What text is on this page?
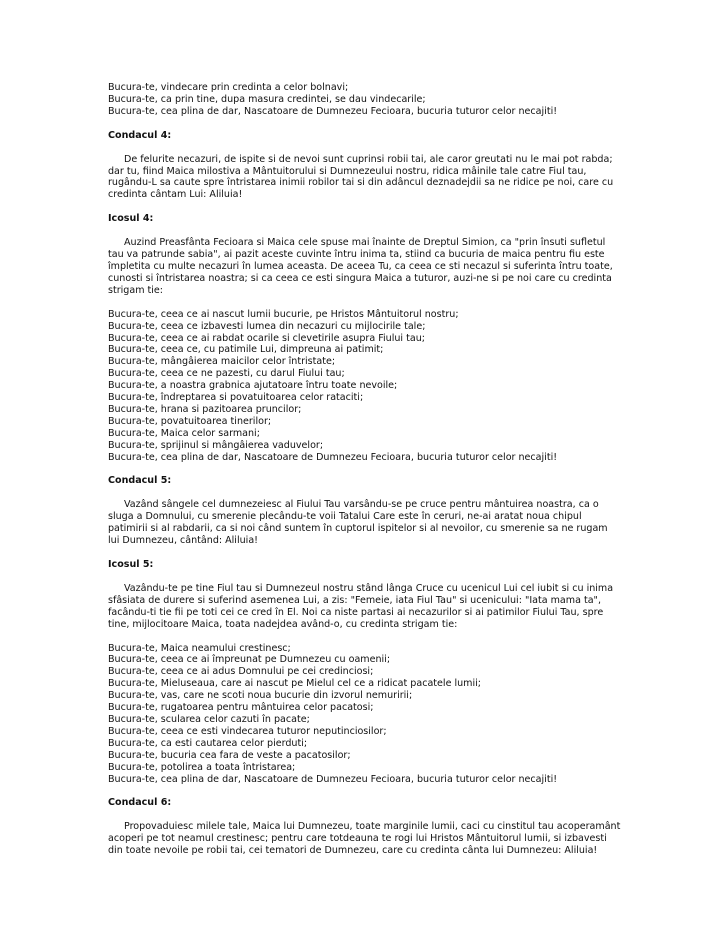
Bucura-te, vindecare prin credinta a celor bolnavi;
Bucura-te, ca prin tine, dupa masura credintei, se dau vindecarile;
Bucura-te, cea plina de dar, Nascatoare de Dumnezeu Fecioara, bucuria tuturor celor necajiti!
Condacul 4:
De felurite necazuri, de ispite si de nevoi sunt cuprinsi robii tai, ale caror greutati nu le mai pot rabda;
dar tu, fiind Maica milostiva a Mântuitorului si Dumnezeului nostru, ridica mâinile tale catre Fiul tau,
rugându-L sa caute spre întristarea inimii robilor tai si din adâncul deznadejdii sa ne ridice pe noi, care cu
credinta cântam Lui: Aliluia!
Icosul 4:
Auzind Preasfânta Fecioara si Maica cele spuse mai înainte de Dreptul Simion, ca "prin însuti sufletul
tau va patrunde sabia", ai pazit aceste cuvinte întru inima ta, stiind ca bucuria de maica pentru fiu este
împletita cu multe necazuri în lumea aceasta. De aceea Tu, ca ceea ce sti necazul si suferinta întru toate,
cunosti si întristarea noastra; si ca ceea ce esti singura Maica a tuturor, auzi-ne si pe noi care cu credinta
strigam tie:
Bucura-te, ceea ce ai nascut lumii bucurie, pe Hristos Mântuitorul nostru;
Bucura-te, ceea ce izbavesti lumea din necazuri cu mijlocirile tale;
Bucura-te, ceea ce ai rabdat ocarile si clevetirile asupra Fiului tau;
Bucura-te, ceea ce, cu patimile Lui, dimpreuna ai patimit;
Bucura-te, mângâierea maicilor celor întristate;
Bucura-te, ceea ce ne pazesti, cu darul Fiului tau;
Bucura-te, a noastra grabnica ajutatoare întru toate nevoile;
Bucura-te, îndreptarea si povatuitoarea celor rataciti;
Bucura-te, hrana si pazitoarea pruncilor;
Bucura-te, povatuitoarea tinerilor;
Bucura-te, Maica celor sarmani;
Bucura-te, sprijinul si mângâierea vaduvelor;
Bucura-te, cea plina de dar, Nascatoare de Dumnezeu Fecioara, bucuria tuturor celor necajiti!
Condacul 5:
Vazând sângele cel dumnezeiesc al Fiului Tau varsându-se pe cruce pentru mântuirea noastra, ca o
sluga a Domnului, cu smerenie plecându-te voii Tatalui Care este în ceruri, ne-ai aratat noua chipul
patimirii si al rabdarii, ca si noi când suntem în cuptorul ispitelor si al nevoilor, cu smerenie sa ne rugam
lui Dumnezeu, cântând: Aliluia!
Icosul 5:
Vazându-te pe tine Fiul tau si Dumnezeul nostru stând lânga Cruce cu ucenicul Lui cel iubit si cu inima
sfâsiata de durere si suferind asemenea Lui, a zis: "Femeie, iata Fiul Tau" si ucenicului: "Iata mama ta",
facându-ti tie fii pe toti cei ce cred în El. Noi ca niste partasi ai necazurilor si ai patimilor Fiului Tau, spre
tine, mijlocitoare Maica, toata nadejdea având-o, cu credinta strigam tie:
Bucura-te, Maica neamului crestinesc;
Bucura-te, ceea ce ai împreunat pe Dumnezeu cu oamenii;
Bucura-te, ceea ce ai adus Domnului pe cei credinciosi;
Bucura-te, Mieluseaua, care ai nascut pe Mielul cel ce a ridicat pacatele lumii;
Bucura-te, vas, care ne scoti noua bucurie din izvorul nemuririi;
Bucura-te, rugatoarea pentru mântuirea celor pacatosi;
Bucura-te, scularea celor cazuti în pacate;
Bucura-te, ceea ce esti vindecarea tuturor neputinciosilor;
Bucura-te, ca esti cautarea celor pierduti;
Bucura-te, bucuria cea fara de veste a pacatosilor;
Bucura-te, potolirea a toata întristarea;
Bucura-te, cea plina de dar, Nascatoare de Dumnezeu Fecioara, bucuria tuturor celor necajiti!
Condacul 6:
Propovaduiesc milele tale, Maica lui Dumnezeu, toate marginile lumii, caci cu cinstitul tau acoperamânt
acoperi pe tot neamul crestinesc; pentru care totdeauna te rogi lui Hristos Mântuitorul lumii, si izbavesti
din toate nevoile pe robii tai, cei tematori de Dumnezeu, care cu credinta cânta lui Dumnezeu: Aliluia!
